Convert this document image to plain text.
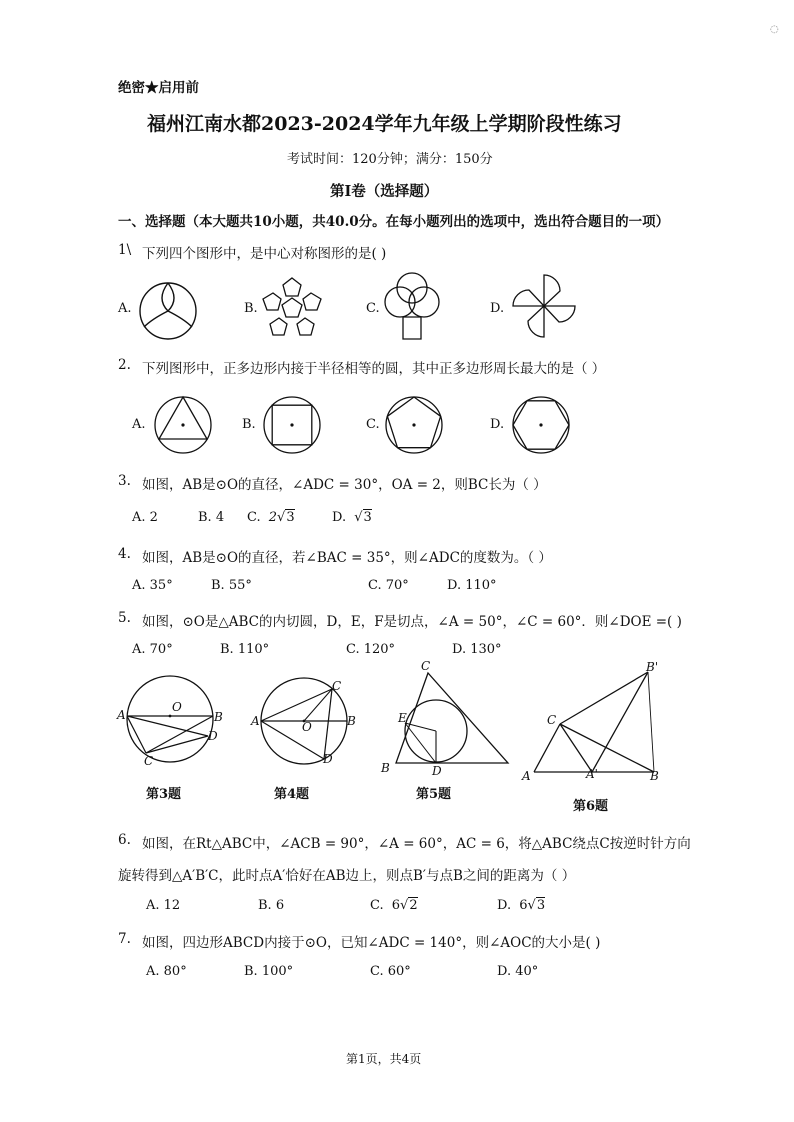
◌
绝密★启用前
福州江南水都2023-2024学年九年级上学期阶段性练习
考试时间：120分钟；满分：150分
第I卷（选择题）
一、选择题（本大题共10小题，共40.0分。在每小题列出的选项中，选出符合题目的一项）
1\ 下列四个图形中，是中心对称图形的是( )
A.	B.	C.	D.
2. 下列图形中，正多边形内接于半径相等的圆，其中正多边形周长最大的是（ ）
A.	B.	C.	D.
3. 如图，AB是⊙O的直径，∠ADC = 30°，OA = 2，则BC长为（ ）
A. 2	B. 4 C. 2√3	D. √3
4. 如图，AB是⊙O的直径，若∠BAC = 35°，则∠ADC的度数为。（ ）
A. 35°	B. 55°	C. 70°	D. 110°
5. 如图，⊙O是△ABC的内切圆，D，E，F是切点，∠A = 50°，∠C = 60°．则∠DOE =( )
A. 70°	B. 110°	C. 120°	D. 130°
A
O
B
D
C
C
A	O	B
D
C
E
B	D
B'
C
A	A'	B
第3题	第4题	第5题
第6题
6. 如图，在Rt△ABC中，∠ACB = 90°，∠A = 60°，AC = 6，将△ABC绕点C按逆时针方向
旋转得到△A′B′C，此时点A′恰好在AB边上，则点B′与点B之间的距离为（ ）
A. 12	B. 6	C. 6√2	D. 6√3
7. 如图，四边形ABCD内接于⊙O，已知∠ADC = 140°，则∠AOC的大小是( )
A. 80°	B. 100°	C. 60°	D. 40°
第1页，共4页
